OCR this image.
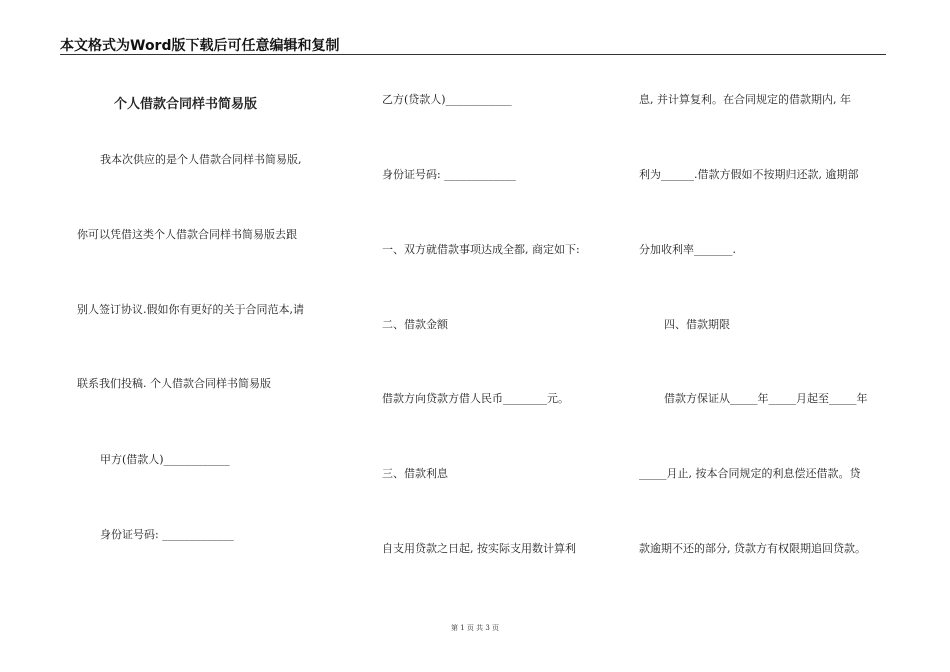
本文格式为Word版下载后可任意编辑和复制
个人借款合同样书简易版
我本次供应的是个人借款合同样书简易版,
你可以凭借这类个人借款合同样书简易版去跟
别人签订协议.假如你有更好的关于合同范本,请
联系我们投稿. 个人借款合同样书简易版
甲方(借款人)____________
身份证号码: _____________
乙方(贷款人)____________
身份证号码: _____________
一、双方就借款事项达成全都, 商定如下:
二、借款金额
借款方向贷款方借人民币________元。
三、借款利息
自支用贷款之日起, 按实际支用数计算利
息, 并计算复利。在合同规定的借款期内, 年
利为______.借款方假如不按期归还款, 逾期部
分加收利率_______.
四、借款期限
借款方保证从_____年_____月起至_____年
_____月止, 按本合同规定的利息偿还借款。贷
款逾期不还的部分, 贷款方有权限期追回贷款。
第 1 页 共 3 页
